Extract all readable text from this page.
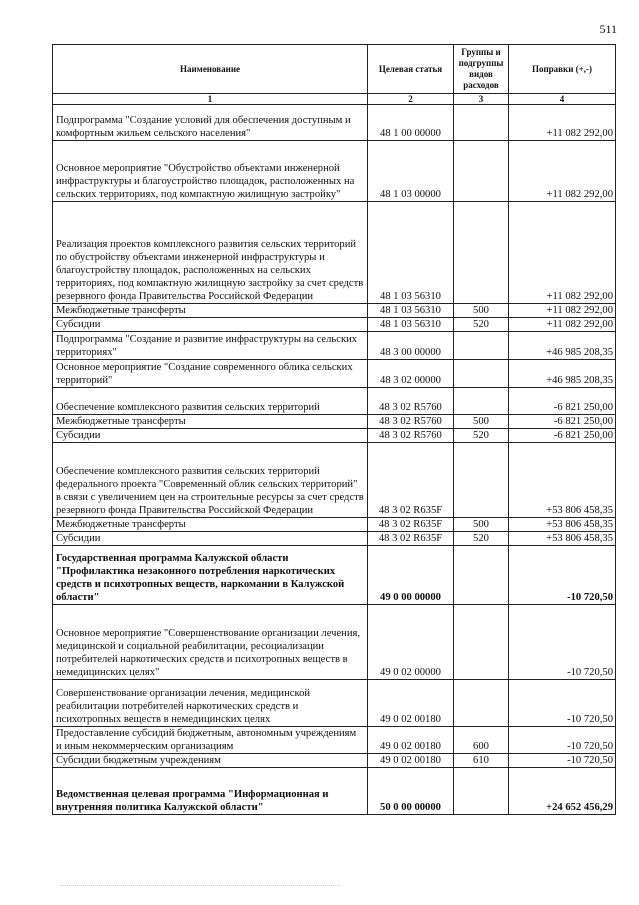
511
Наименование	Целевая статья	Группы и подгруппы видов расходов	Поправки (+,-)
1	2	3	4
Подпрограмма "Создание условий для обеспечения доступным и комфортным жильем сельского населения"	48 1 00 00000		+11 082 292,00
Основное мероприятие "Обустройство объектами инженерной инфраструктуры и благоустройство площадок, расположенных на сельских территориях, под компактную жилищную застройку"	48 1 03 00000		+11 082 292,00
Реализация проектов комплексного развития сельских территорий по обустройству объектами инженерной инфраструктуры и благоустройству площадок, расположенных на сельских территориях, под компактную жилищную застройку за счет средств резервного фонда Правительства Российской Федерации	48 1 03 56310		+11 082 292,00
Межбюджетные трансферты	48 1 03 56310	500	+11 082 292,00
Субсидии	48 1 03 56310	520	+11 082 292,00
Подпрограмма "Создание и развитие инфраструктуры на сельских территориях"	48 3 00 00000		+46 985 208,35
Основное мероприятие "Создание современного облика сельских территорий"	48 3 02 00000		+46 985 208,35
Обеспечение комплексного развития сельских территорий	48 3 02 R5760		-6 821 250,00
Межбюджетные трансферты	48 3 02 R5760	500	-6 821 250,00
Субсидии	48 3 02 R5760	520	-6 821 250,00
Обеспечение комплексного развития сельских территорий федерального проекта "Современный облик сельских территорий" в связи с увеличением цен на строительные ресурсы за счет средств резервного фонда Правительства Российской Федерации	48 3 02 R635F		+53 806 458,35
Межбюджетные трансферты	48 3 02 R635F	500	+53 806 458,35
Субсидии	48 3 02 R635F	520	+53 806 458,35
Государственная программа Калужской области "Профилактика незаконного потребления наркотических средств и психотропных веществ, наркомании в Калужской области"	49 0 00 00000		-10 720,50
Основное мероприятие "Совершенствование организации лечения, медицинской и социальной реабилитации, ресоциализации потребителей наркотических средств и психотропных веществ в немедицинских целях"	49 0 02 00000		-10 720,50
Совершенствование организации лечения, медицинской реабилитации потребителей наркотических средств и психотропных веществ в немедицинских целях	49 0 02 00180		-10 720,50
Предоставление субсидий бюджетным, автономным учреждениям и иным некоммерческим организациям	49 0 02 00180	600	-10 720,50
Субсидии бюджетным учреждениям	49 0 02 00180	610	-10 720,50
Ведомственная целевая программа "Информационная и внутренняя политика Калужской области"	50 0 00 00000		+24 652 456,29
